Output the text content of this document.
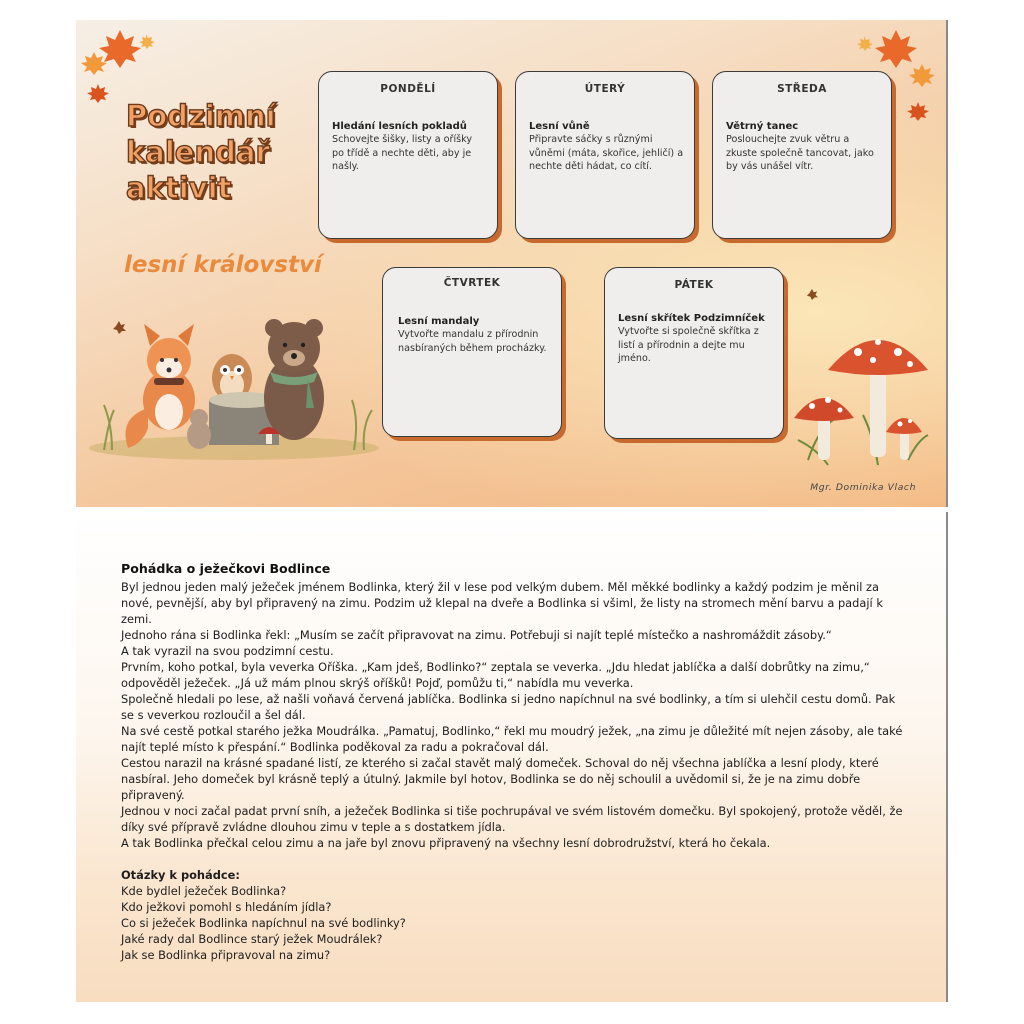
Podzimní kalendář aktivit
lesní království
PONDĚLÍ
Hledání lesních pokladů
Schovejte šišky, listy a oříšky po třídě a nechte děti, aby je našly.
ÚTERÝ
Lesní vůně
Připravte sáčky s různými vůněmi (máta, skořice, jehličí) a nechte děti hádat, co cítí.
STŘEDA
Větrný tanec
Poslouchejte zvuk větru a zkuste společně tancovat, jako by vás unášel vítr.
ČTVRTEK
Lesní mandaly
Vytvořte mandalu z přírodnin nasbíraných během procházky.
PÁTEK
Lesní skřítek Podzimníček
Vytvořte si společně skřítka z listí a přírodnin a dejte mu jméno.
Mgr. Dominika Vlach
Pohádka o ježečkovi Bodlince

Byl jednou jeden malý ježeček jménem Bodlinka, který žil v lese pod velkým dubem. Měl měkké bodlinky a každý podzim je měnil za nové, pevnější, aby byl připravený na zimu. Podzim už klepal na dveře a Bodlinka si všiml, že listy na stromech mění barvu a padají k zemi.

Jednoho rána si Bodlinka řekl: „Musím se začít připravovat na zimu. Potřebuji si najít teplé místečko a nashromáždit zásoby.“

A tak vyrazil na svou podzimní cestu.

Prvním, koho potkal, byla veverka Oříška. „Kam jdeš, Bodlinko?“ zeptala se veverka. „Jdu hledat jablíčka a další dobrůtky na zimu,“ odpověděl ježeček. „Já už mám plnou skrýš oříšků! Pojď, pomůžu ti,“ nabídla mu veverka.

Společně hledali po lese, až našli voňavá červená jablíčka. Bodlinka si jedno napíchnul na své bodlinky, a tím si ulehčil cestu domů. Pak se s veverkou rozloučil a šel dál.

Na své cestě potkal starého ježka Moudrálka. „Pamatuj, Bodlinko,“ řekl mu moudrý ježek, „na zimu je důležité mít nejen zásoby, ale také najít teplé místo k přespání.“ Bodlinka poděkoval za radu a pokračoval dál.

Cestou narazil na krásné spadané listí, ze kterého si začal stavět malý domeček. Schoval do něj všechna jablíčka a lesní plody, které nasbíral. Jeho domeček byl krásně teplý a útulný. Jakmile byl hotov, Bodlinka se do něj schoulil a uvědomil si, že je na zimu dobře připravený.

Jednou v noci začal padat první sníh, a ježeček Bodlinka si tiše pochrupával ve svém listovém domečku. Byl spokojený, protože věděl, že díky své přípravě zvládne dlouhou zimu v teple a s dostatkem jídla.

A tak Bodlinka přečkal celou zimu a na jaře byl znovu připravený na všechny lesní dobrodružství, která ho čekala.

Otázky k pohádce:

Kde bydlel ježeček Bodlinka?

Kdo ježkovi pomohl s hledáním jídla?

Co si ježeček Bodlinka napíchnul na své bodlinky?

Jaké rady dal Bodlince starý ježek Moudrálek?

Jak se Bodlinka připravoval na zimu?
